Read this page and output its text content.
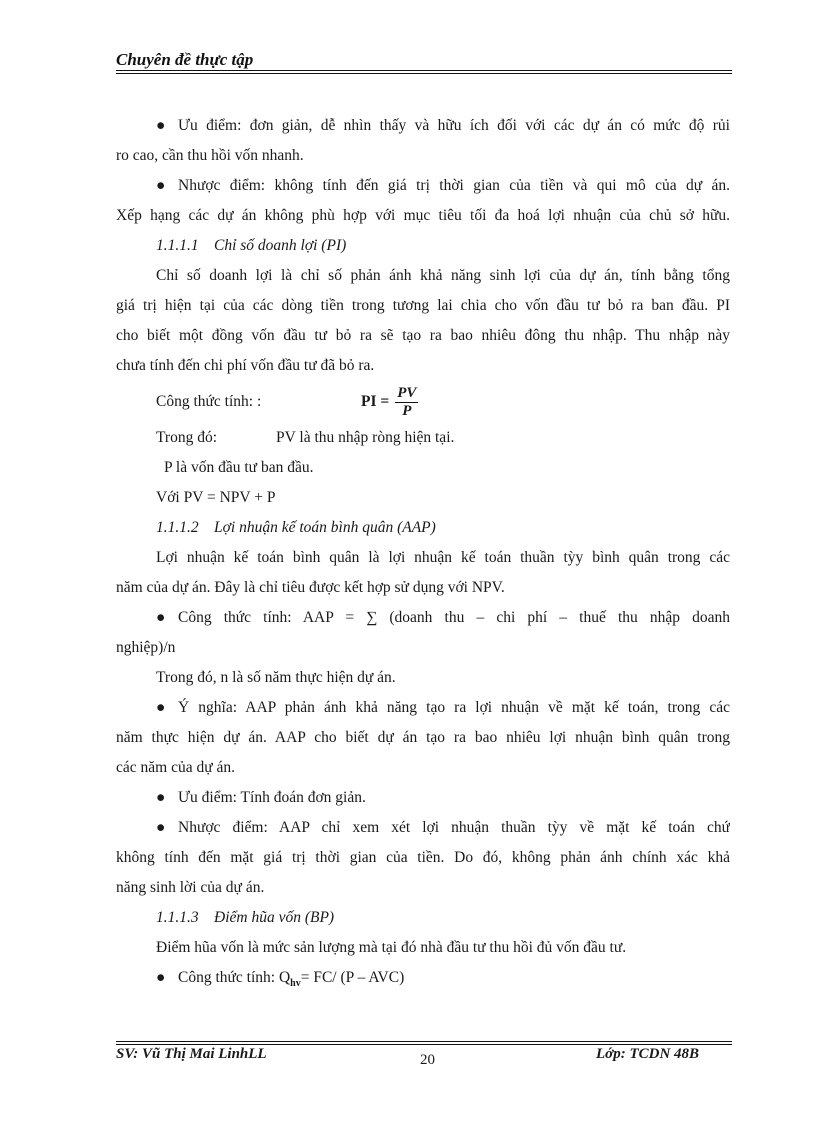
Chuyên đề thực tập
● Ưu điểm: đơn giản, dễ nhìn thấy và hữu ích đối với các dự án có mức độ rủi
ro cao, cần thu hồi vốn nhanh.
● Nhược điểm: không tính đến giá trị thời gian của tiền và qui mô của dự án.
Xếp hạng các dự án không phù hợp với mục tiêu tối đa hoá lợi nhuận của chủ sở hữu.
1.1.1.1 Chỉ số doanh lợi (PI)
Chỉ số doanh lợi là chỉ số phản ánh khả năng sinh lợi của dự án, tính bằng tổng
giá trị hiện tại của các dòng tiền trong tương lai chia cho vốn đầu tư bỏ ra ban đầu. PI
cho biết một đồng vốn đầu tư bỏ ra sẽ tạo ra bao nhiêu đông thu nhập. Thu nhập này
chưa tính đến chi phí vốn đầu tư đã bỏ ra.
Công thức tính: :	PI = $\frac{PV}{P}$
Trong đó:	PV là thu nhập ròng hiện tại.
P là vốn đầu tư ban đầu.
Với PV = NPV + P
1.1.1.2 Lợi nhuận kế toán bình quân (AAP)
Lợi nhuận kế toán bình quân là lợi nhuận kế toán thuần tỳy bình quân trong các
năm của dự án. Đây là chỉ tiêu được kết hợp sử dụng với NPV.
● Công thức tính: AAP = ∑ (doanh thu – chi phí – thuế thu nhập doanh
nghiệp)/n
Trong đó, n là số năm thực hiện dự án.
● Ý nghĩa: AAP phản ánh khả năng tạo ra lợi nhuận về mặt kế toán, trong các
năm thực hiện dự án. AAP cho biết dự án tạo ra bao nhiêu lợi nhuận bình quân trong
các năm của dự án.
● Ưu điểm: Tính đoán đơn giản.
● Nhược điểm: AAP chỉ xem xét lợi nhuận thuần tỳy về mặt kế toán chứ
không tính đến mặt giá trị thời gian của tiền. Do đó, không phản ánh chính xác khả
năng sinh lời của dự án.
1.1.1.3 Điểm hũa vốn (BP)
Điểm hũa vốn là mức sản lượng mà tại đó nhà đầu tư thu hồi đủ vốn đầu tư.
● Công thức tính: $Q_{hv}= FC/$ (P – AVC)
SV: Vũ Thị Mai LinhLL	20	Lớp: TCDN 48B
